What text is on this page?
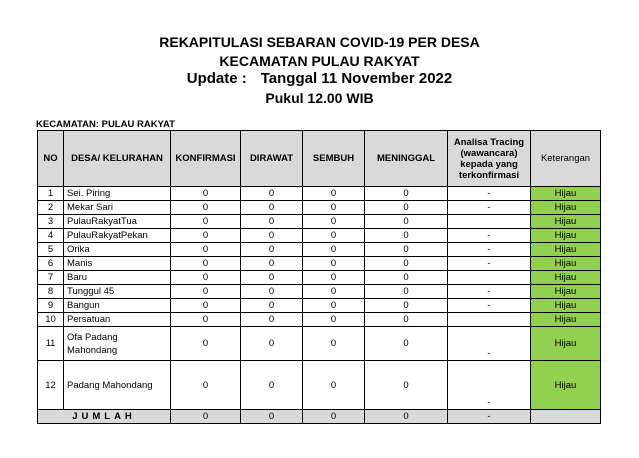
REKAPITULASI SEBARAN COVID-19 PER DESA
KECAMATAN PULAU RAKYAT
Update : Tanggal 11 November 2022
Pukul 12.00 WIB
KECAMATAN: PULAU RAKYAT
NO	DESA/ KELURAHAN	KONFIRMASI	DIRAWAT	SEMBUH	MENINGGAL	Analisa Tracing (wawancara) kepada yang terkonfirmasi	Keterangan
1	Sei. Piring	0	0	0	0	-	Hijau
2	Mekar Sari	0	0	0	0	-	Hijau
3	PulauRakyatTua	0	0	0	0		Hijau
4	PulauRakyatPekan	0	0	0	0	-	Hijau
5	Orika	0	0	0	0	-	Hijau
6	Manis	0	0	0	0	-	Hijau
7	Baru	0	0	0	0		Hijau
8	Tunggul 45	0	0	0	0	-	Hijau
9	Bangun	0	0	0	0	-	Hijau
10	Persatuan	0	0	0	0		Hijau
11	Ofa Padang Mahondang	0	0	0	0	-	Hijau
12	Padang Mahondang	0	0	0	0	-	Hijau
JUMLAH		0	0	0	0	-	
